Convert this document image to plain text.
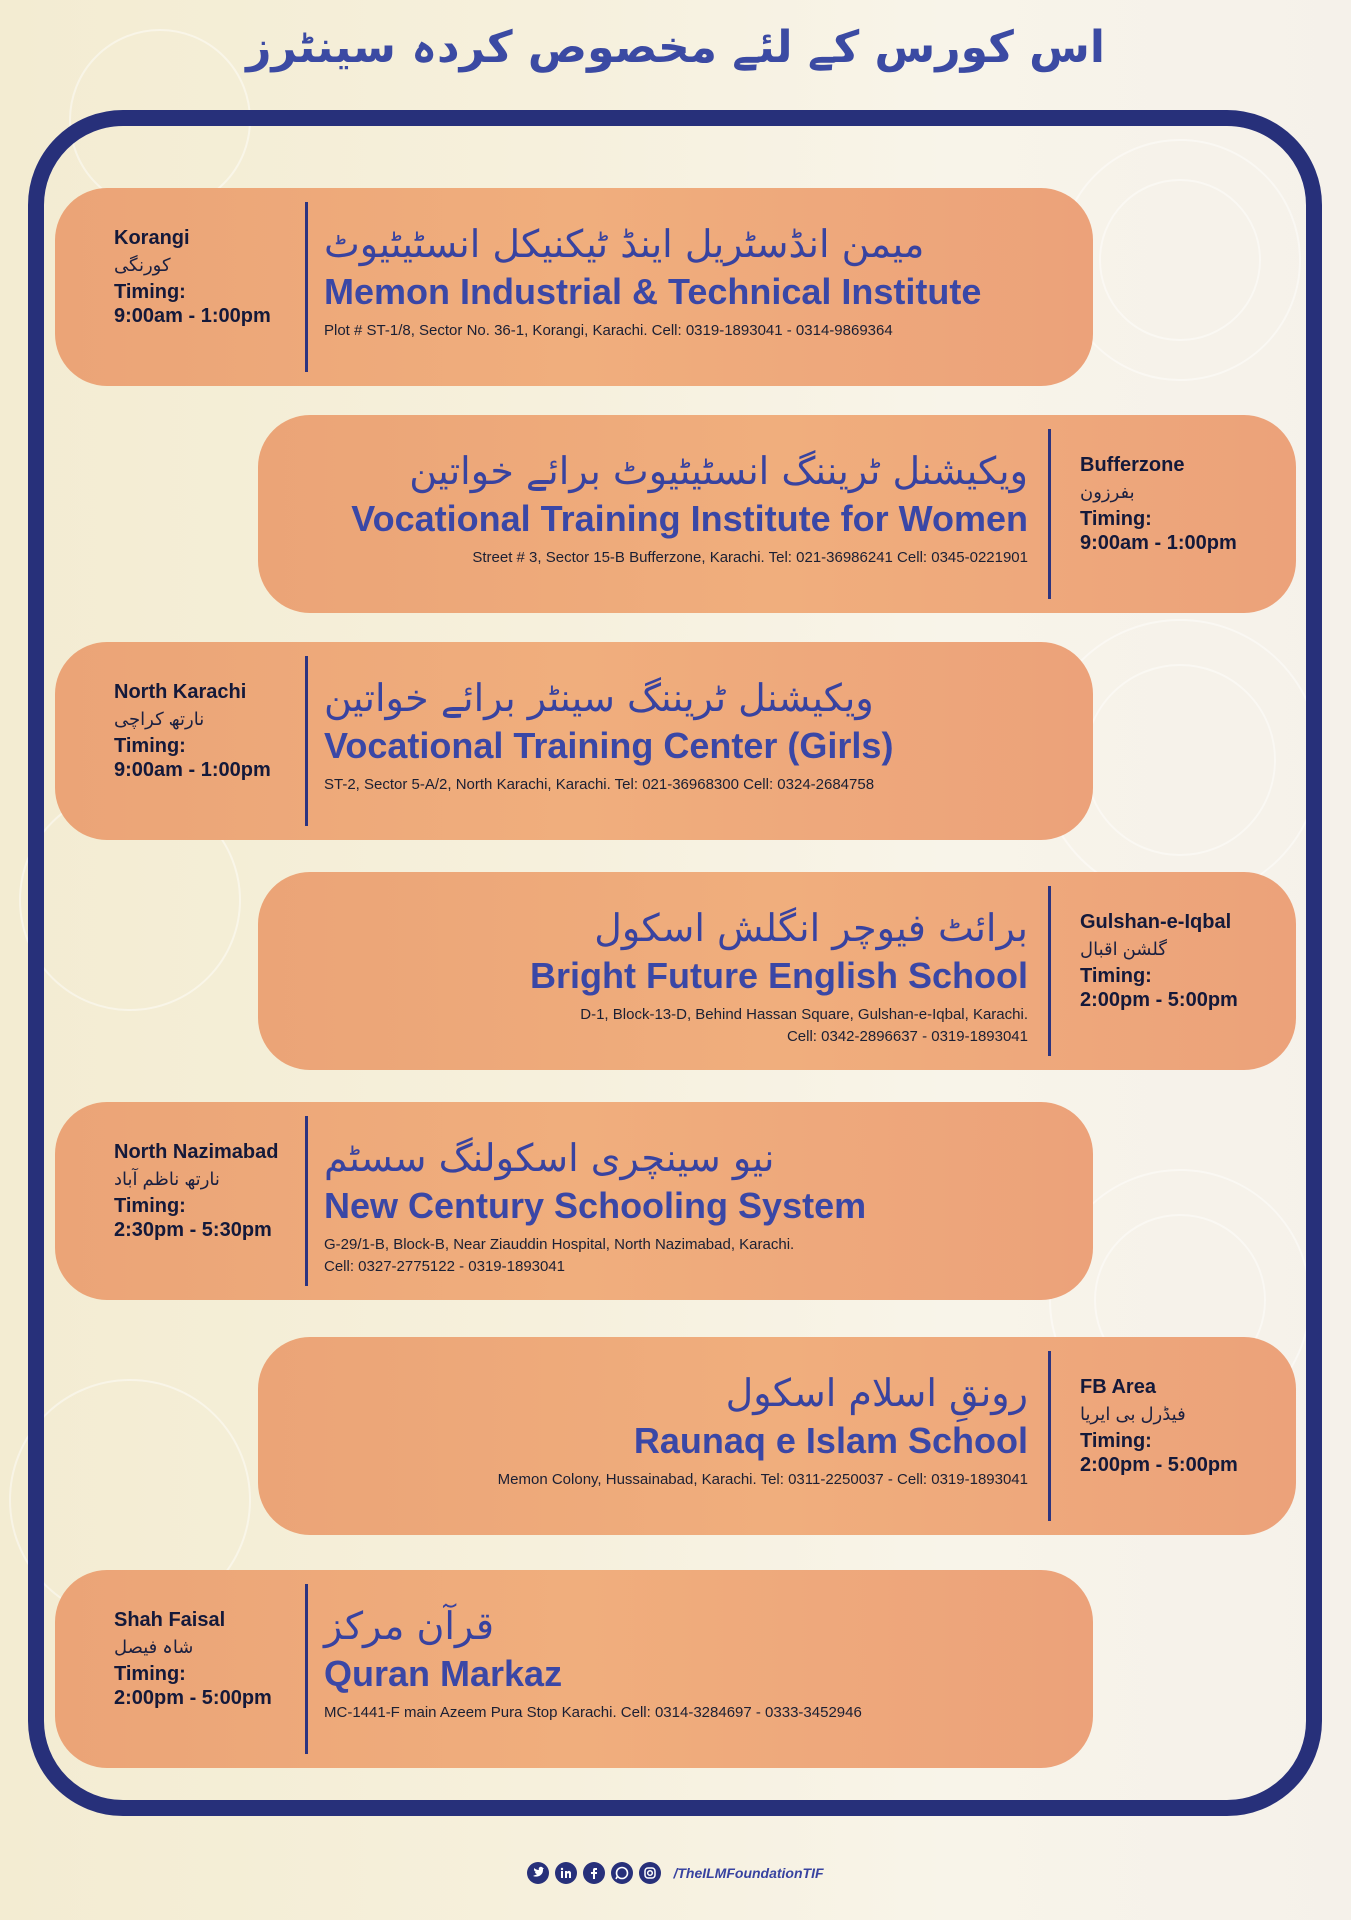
اس کورس کے لئے مخصوص کردہ سینٹرز
Korangi
کورنگی
Timing:
9:00am - 1:00pm
میمن انڈسٹریل اینڈ ٹیکنیکل انسٹیٹیوٹ
Memon Industrial & Technical Institute
Plot # ST-1/8, Sector No. 36-1, Korangi, Karachi. Cell: 0319-1893041 - 0314-9869364
ویکیشنل ٹریننگ انسٹیٹیوٹ برائے خواتین
Vocational Training Institute for Women
Street # 3, Sector 15-B Bufferzone, Karachi. Tel: 021-36986241 Cell: 0345-0221901
Bufferzone
بفرزون
Timing:
9:00am - 1:00pm
North Karachi
نارتھ کراچی
Timing:
9:00am - 1:00pm
ویکیشنل ٹریننگ سینٹر برائے خواتین
Vocational Training Center (Girls)
ST-2, Sector 5-A/2, North Karachi, Karachi. Tel: 021-36968300 Cell: 0324-2684758
برائٹ فیوچر انگلش اسکول
Bright Future English School
D-1, Block-13-D, Behind Hassan Square, Gulshan-e-Iqbal, Karachi.
Cell: 0342-2896637 - 0319-1893041
Gulshan-e-Iqbal
گلشن اقبال
Timing:
2:00pm - 5:00pm
North Nazimabad
نارتھ ناظم آباد
Timing:
2:30pm - 5:30pm
نیو سینچری اسکولنگ سسٹم
New Century Schooling System
G-29/1-B, Block-B, Near Ziauddin Hospital, North Nazimabad, Karachi.
Cell: 0327-2775122 - 0319-1893041
رونقِ اسلام اسکول
Raunaq e Islam School
Memon Colony, Hussainabad, Karachi. Tel: 0311-2250037 - Cell: 0319-1893041
FB Area
فیڈرل بی ایریا
Timing:
2:00pm - 5:00pm
Shah Faisal
شاہ فیصل
Timing:
2:00pm - 5:00pm
قرآن مرکز
Quran Markaz
MC-1441-F main Azeem Pura Stop Karachi. Cell: 0314-3284697 - 0333-3452946
/TheILMFoundationTIF
